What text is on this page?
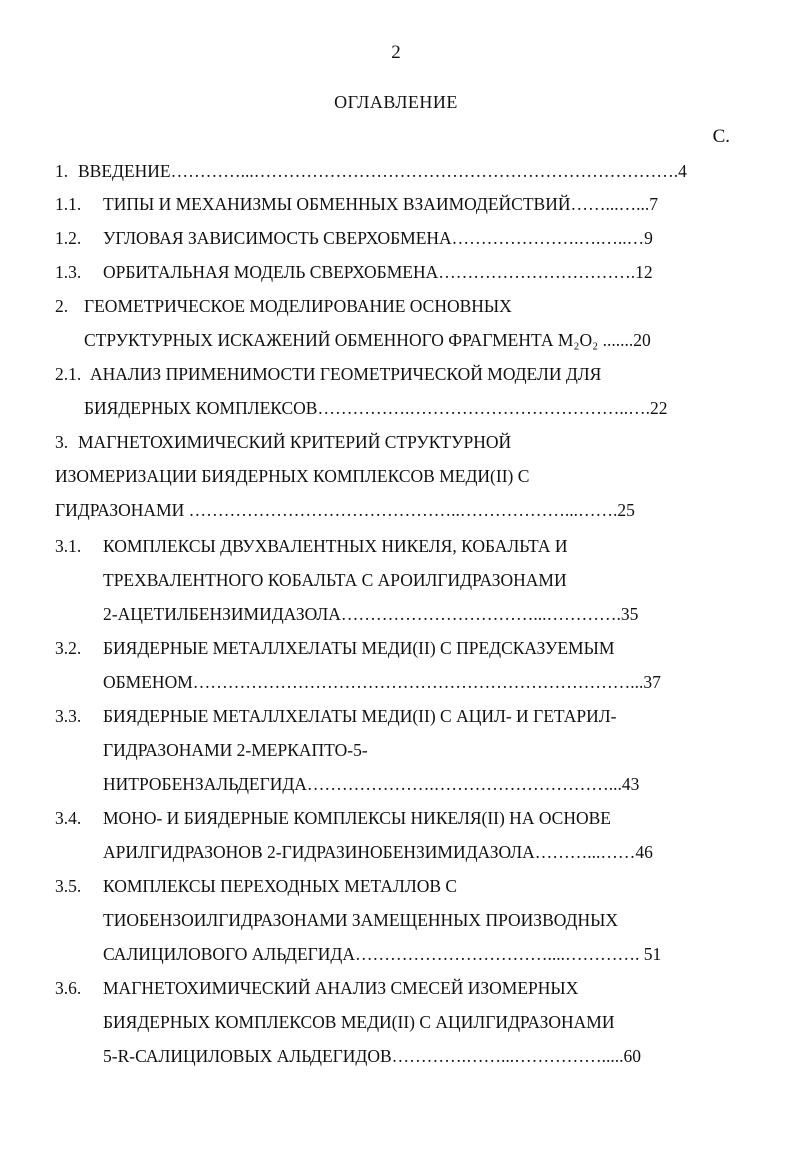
2
ОГЛАВЛЕНИЕ
С.
1. ВВЕДЕНИЕ…………...……………………………………………………………….4
1.1. ТИПЫ И МЕХАНИЗМЫ ОБМЕННЫХ ВЗАИМОДЕЙСТВИЙ……...…...7
1.2. УГЛОВАЯ ЗАВИСИМОСТЬ СВЕРХОБМЕНА………………….….…..…9
1.3. ОРБИТАЛЬНАЯ МОДЕЛЬ СВЕРХОБМЕНА…………………………….12
2. ГЕОМЕТРИЧЕСКОЕ МОДЕЛИРОВАНИЕ ОСНОВНЫХ
СТРУКТУРНЫХ ИСКАЖЕНИЙ ОБМЕННОГО ФРАГМЕНТА M₂O₂ .......20
2.1. АНАЛИЗ ПРИМЕНИМОСТИ ГЕОМЕТРИЧЕСКОЙ МОДЕЛИ ДЛЯ
БИЯДЕРНЫХ КОМПЛЕКСОВ…………….………………………………..….22
3. МАГНЕТОХИМИЧЕСКИЙ КРИТЕРИЙ СТРУКТУРНОЙ
ИЗОМЕРИЗАЦИИ БИЯДЕРНЫХ КОМПЛЕКСОВ МЕДИ(II) С
ГИДРАЗОНАМИ ………………………………………..………………...…….25
3.1. КОМПЛЕКСЫ ДВУХВАЛЕНТНЫХ НИКЕЛЯ, КОБАЛЬТА И
ТРЕХВАЛЕНТНОГО КОБАЛЬТА С АРОИЛГИДРАЗОНАМИ
2-АЦЕТИЛБЕНЗИМИДАЗОЛА……………………………...………….35
3.2. БИЯДЕРНЫЕ МЕТАЛЛХЕЛАТЫ МЕДИ(II) С ПРЕДСКАЗУЕМЫМ
ОБМЕНОМ…………………………………………………………………...37
3.3. БИЯДЕРНЫЕ МЕТАЛЛХЕЛАТЫ МЕДИ(II) С АЦИЛ- И ГЕТАРИЛ-
ГИДРАЗОНАМИ 2-МЕРКАПТО-5-
НИТРОБЕНЗАЛЬДЕГИДА………………….…………………………...43
3.4. МОНО- И БИЯДЕРНЫЕ КОМПЛЕКСЫ НИКЕЛЯ(II) НА ОСНОВЕ
АРИЛГИДРАЗОНОВ 2-ГИДРАЗИНОБЕНЗИМИДАЗОЛА………...……46
3.5. КОМПЛЕКСЫ ПЕРЕХОДНЫХ МЕТАЛЛОВ С
ТИОБЕНЗОИЛГИДРАЗОНАМИ ЗАМЕЩЕННЫХ ПРОИЗВОДНЫХ
САЛИЦИЛОВОГО АЛЬДЕГИДА……………………………....…………. 51
3.6. МАГНЕТОХИМИЧЕСКИЙ АНАЛИЗ СМЕСЕЙ ИЗОМЕРНЫХ
БИЯДЕРНЫХ КОМПЛЕКСОВ МЕДИ(II) С АЦИЛГИДРАЗОНАМИ
5-R-САЛИЦИЛОВЫХ АЛЬДЕГИДОВ………….……...…………….....60
